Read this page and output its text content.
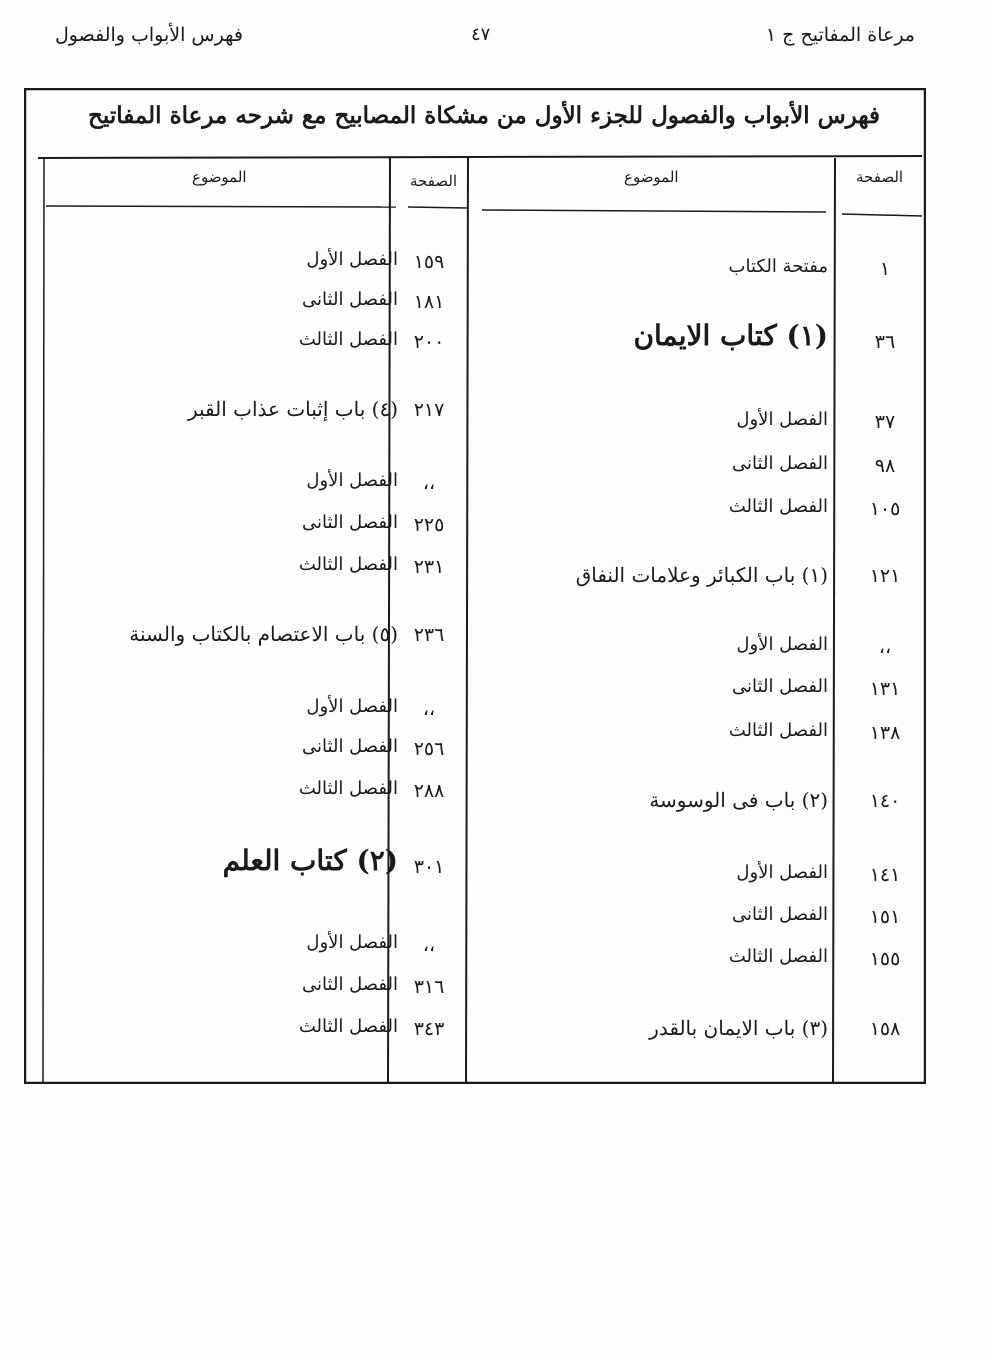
مرعاة المفاتيح ج ١
٤٧
فهرس الأبواب والفصول
فهرس الأبواب والفصول للجزء الأول من مشكاة المصابيح مع شرحه مرعاة المفاتيح
الصفحة
الموضوع
الصفحة
الموضوع
١
مفتحة الكتاب
٣٦
(١) كتاب الايمان
٣٧
الفصل الأول
٩٨
الفصل الثانى
١٠٥
الفصل الثالث
١٢١
(١) باب الكبائر وعلامات النفاق
،،
الفصل الأول
١٣١
الفصل الثانى
١٣٨
الفصل الثالث
١٤٠
(٢) باب فى الوسوسة
١٤١
الفصل الأول
١٥١
الفصل الثانى
١٥٥
الفصل الثالث
١٥٨
(٣) باب الايمان بالقدر
١٥٩
الفصل الأول
١٨١
الفصل الثانى
٢٠٠
الفصل الثالث
٢١٧
(٤) باب إثبات عذاب القبر
،،
الفصل الأول
٢٢٥
الفصل الثانى
٢٣١
الفصل الثالث
٢٣٦
(٥) باب الاعتصام بالكتاب والسنة
،،
الفصل الأول
٢٥٦
الفصل الثانى
٢٨٨
الفصل الثالث
٣٠١
(٢) كتاب العلم
،،
الفصل الأول
٣١٦
الفصل الثانى
٣٤٣
الفصل الثالث
